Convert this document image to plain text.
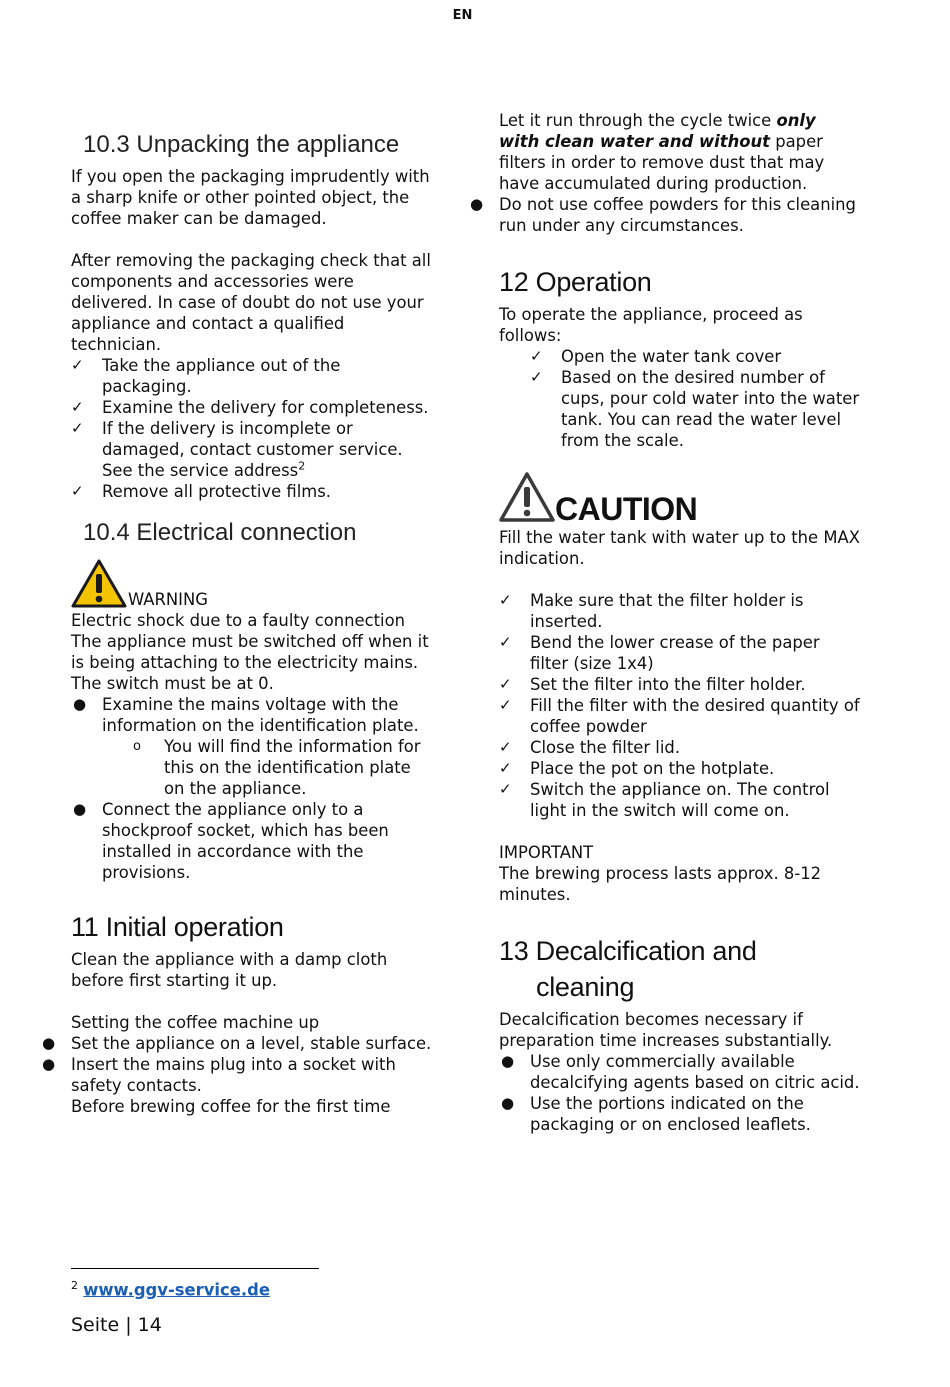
EN
10.3 Unpacking the appliance

If you open the packaging imprudently with a sharp knife or other pointed object, the coffee maker can be damaged.

After removing the packaging check that all components and accessories were delivered. In case of doubt do not use your appliance and contact a qualified technician.

✓	Take the appliance out of the packaging.
✓	Examine the delivery for completeness.
✓	If the delivery is incomplete or damaged, contact customer service. See the service address$^2$
✓	Remove all protective films.
10.4 Electrical connection
WARNING

Electric shock due to a faulty connection

The appliance must be switched off when it is being attaching to the electricity mains.

The switch must be at 0.

● Examine the mains voltage with the information on the identification plate.
o You will find the information for this on the identification plate on the appliance.
● Connect the appliance only to a shockproof socket, which has been installed in accordance with the provisions.
11 Initial operation

Clean the appliance with a damp cloth before first starting it up.

Setting the coffee machine up

● Set the appliance on a level, stable surface.
● Insert the mains plug into a socket with safety contacts.

Before brewing coffee for the first time

Let it run through the cycle twice only with clean water and without paper filters in order to remove dust that may have accumulated during production.

● Do not use coffee powders for this cleaning run under any circumstances.
12 Operation

To operate the appliance, proceed as follows:

✓	Open the water tank cover
✓	Based on the desired number of cups, pour cold water into the water tank. You can read the water level from the scale.
CAUTION

Fill the water tank with water up to the MAX indication.

✓	Make sure that the filter holder is inserted.
✓	Bend the lower crease of the paper filter (size 1x4)
✓	Set the filter into the filter holder.
✓	Fill the filter with the desired quantity of coffee powder
✓	Close the filter lid.
✓	Place the pot on the hotplate.
✓	Switch the appliance on. The control light in the switch will come on.

IMPORTANT

The brewing process lasts approx. 8-12 minutes.

13 Decalcification and
cleaning

Decalcification becomes necessary if preparation time increases substantially.

● Use only commercially available decalcifying agents based on citric acid.
● Use the portions indicated on the packaging or on enclosed leaflets.
$^2$ www.ggv-service.de
Seite | 14
